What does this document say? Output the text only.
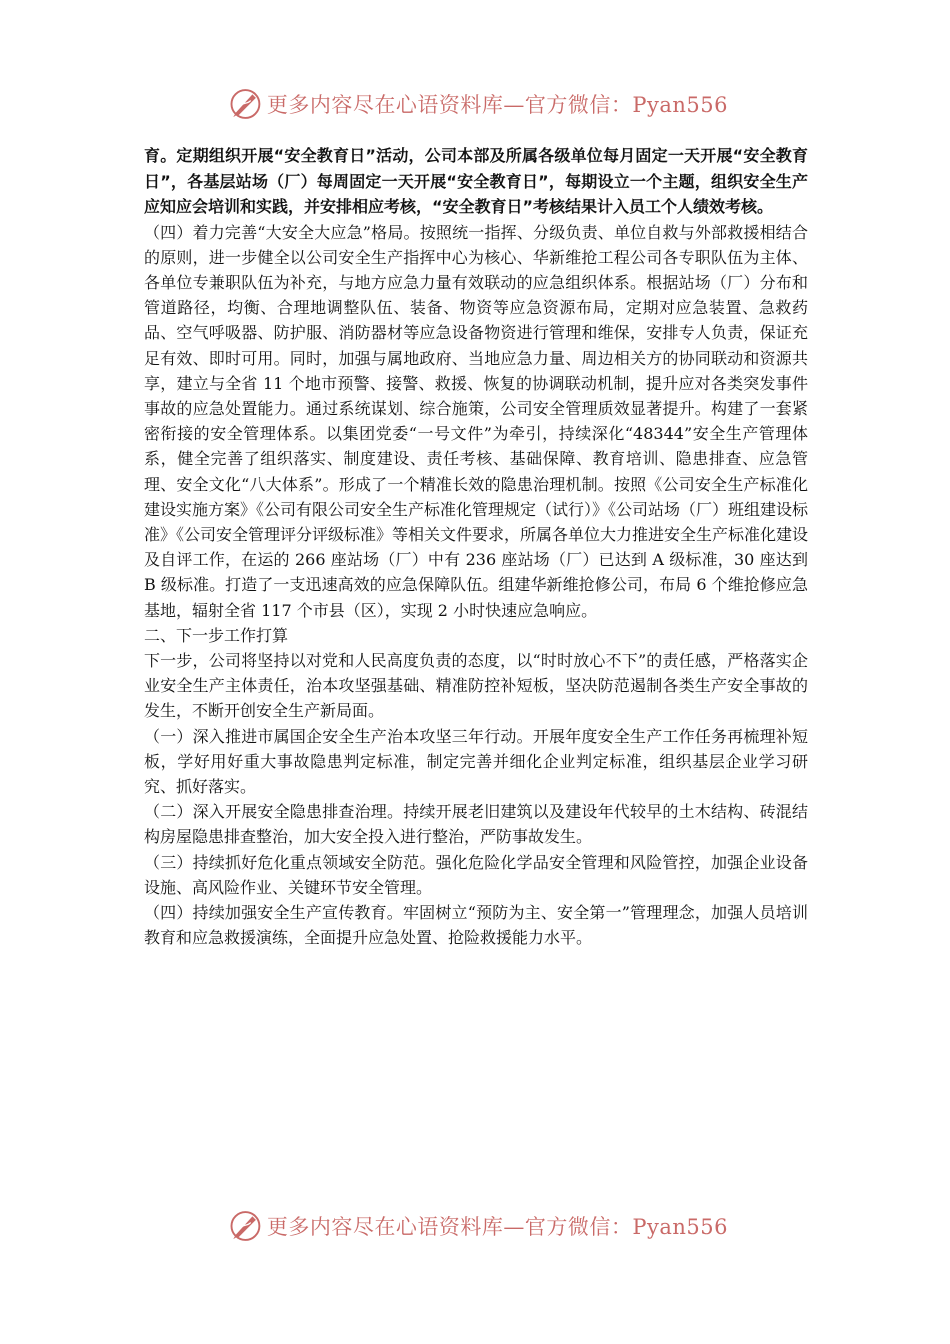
更多内容尽在心语资料库—官方微信：Pyan556

育。定期组织开展“安全教育日”活动，公司本部及所属各级单位每月固定一天开展“安全教育日”，各基层站场（厂）每周固定一天开展“安全教育日”，每期设立一个主题，组织安全生产应知应会培训和实践，并安排相应考核，“安全教育日”考核结果计入员工个人绩效考核。

（四）着力完善“大安全大应急”格局。按照统一指挥、分级负责、单位自救与外部救援相结合的原则，进一步健全以公司安全生产指挥中心为核心、华新维抢工程公司各专职队伍为主体、各单位专兼职队伍为补充，与地方应急力量有效联动的应急组织体系。根据站场（厂）分布和管道路径，均衡、合理地调整队伍、装备、物资等应急资源布局，定期对应急装置、急救药品、空气呼吸器、防护服、消防器材等应急设备物资进行管理和维保，安排专人负责，保证充足有效、即时可用。同时，加强与属地政府、当地应急力量、周边相关方的协同联动和资源共享，建立与全省 11 个地市预警、接警、救援、恢复的协调联动机制，提升应对各类突发事件事故的应急处置能力。通过系统谋划、综合施策，公司安全管理质效显著提升。构建了一套紧密衔接的安全管理体系。以集团党委“一号文件”为牵引，持续深化“48344”安全生产管理体系，健全完善了组织落实、制度建设、责任考核、基础保障、教育培训、隐患排查、应急管理、安全文化“八大体系”。形成了一个精准长效的隐患治理机制。按照《公司安全生产标准化建设实施方案》《公司有限公司安全生产标准化管理规定（试行）》《公司站场（厂）班组建设标准》《公司安全管理评分评级标准》等相关文件要求，所属各单位大力推进安全生产标准化建设及自评工作，在运的 266 座站场（厂）中有 236 座站场（厂）已达到 A 级标准，30 座达到 B 级标准。打造了一支迅速高效的应急保障队伍。组建华新维抢修公司，布局 6 个维抢修应急基地，辐射全省 117 个市县（区），实现 2 小时快速应急响应。

二、下一步工作打算

下一步，公司将坚持以对党和人民高度负责的态度，以“时时放心不下”的责任感，严格落实企业安全生产主体责任，治本攻坚强基础、精准防控补短板，坚决防范遏制各类生产安全事故的发生，不断开创安全生产新局面。

（一）深入推进市属国企安全生产治本攻坚三年行动。开展年度安全生产工作任务再梳理补短板，学好用好重大事故隐患判定标准，制定完善并细化企业判定标准，组织基层企业学习研究、抓好落实。

（二）深入开展安全隐患排查治理。持续开展老旧建筑以及建设年代较早的土木结构、砖混结构房屋隐患排查整治，加大安全投入进行整治，严防事故发生。

（三）持续抓好危化重点领域安全防范。强化危险化学品安全管理和风险管控，加强企业设备设施、高风险作业、关键环节安全管理。

（四）持续加强安全生产宣传教育。牢固树立“预防为主、安全第一”管理理念，加强人员培训教育和应急救援演练，全面提升应急处置、抢险救援能力水平。

更多内容尽在心语资料库—官方微信：Pyan556
